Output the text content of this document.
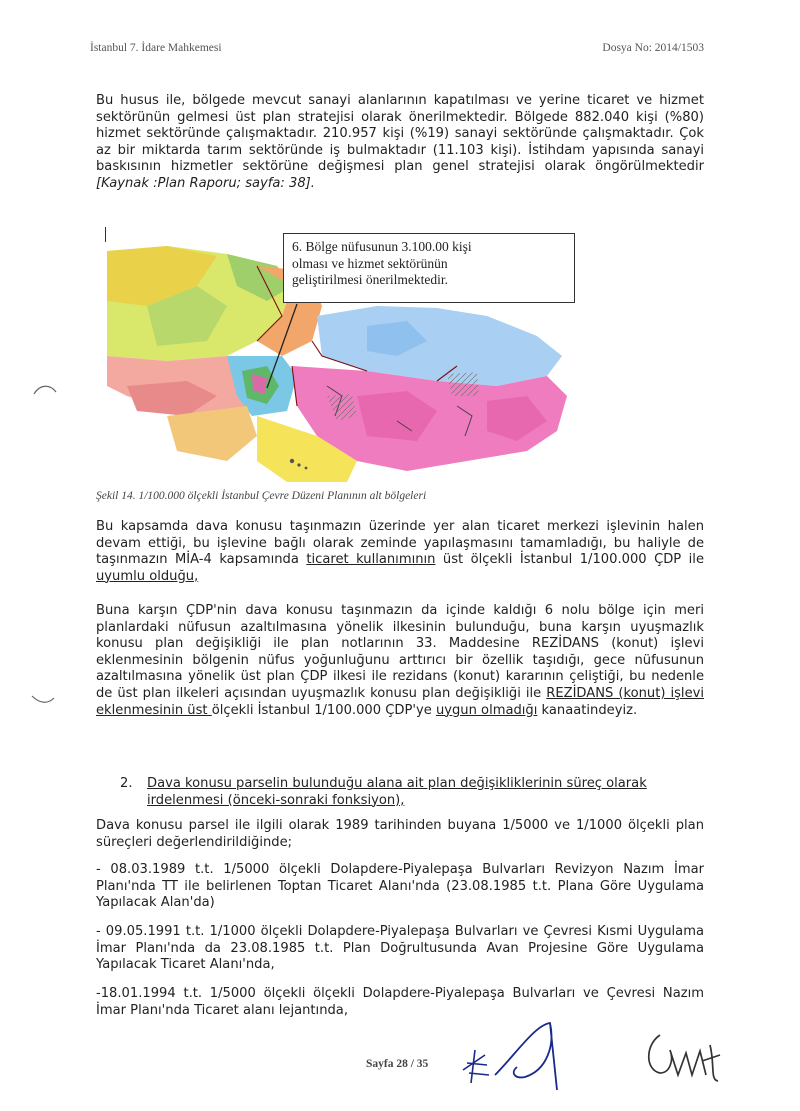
İstanbul 7. İdare Mahkemesi	Dosya No: 2014/1503

Bu husus ile, bölgede mevcut sanayi alanlarının kapatılması ve yerine ticaret ve hizmet sektörünün gelmesi üst plan stratejisi olarak önerilmektedir. Bölgede 882.040 kişi (%80) hizmet sektöründe çalışmaktadır. 210.957 kişi (%19) sanayi sektöründe çalışmaktadır. Çok az bir miktarda tarım sektöründe iş bulmaktadır (11.103 kişi). İstihdam yapısında sanayi baskısının hizmetler sektörüne değişmesi plan genel stratejisi olarak öngörülmektedir [Kaynak :Plan Raporu; sayfa: 38].

6. Bölge nüfusunun 3.100.00 kişi
olması ve hizmet sektörünün
geliştirilmesi önerilmektedir.
Şekil 14. 1/100.000 ölçekli İstanbul Çevre Düzeni Planının alt bölgeleri

Bu kapsamda dava konusu taşınmazın üzerinde yer alan ticaret merkezi işlevinin halen devam ettiği, bu işlevine bağlı olarak zeminde yapılaşmasını tamamladığı, bu haliyle de taşınmazın MİA-4 kapsamında ticaret kullanımının üst ölçekli İstanbul 1/100.000 ÇDP ile uyumlu olduğu,

Buna karşın ÇDP'nin dava konusu taşınmazın da içinde kaldığı 6 nolu bölge için meri planlardaki nüfusun azaltılmasına yönelik ilkesinin bulunduğu, buna karşın uyuşmazlık konusu plan değişikliği ile plan notlarının 33. Maddesine REZİDANS (konut) işlevi eklenmesinin bölgenin nüfus yoğunluğunu arttırıcı bir özellik taşıdığı, gece nüfusunun azaltılmasına yönelik üst plan ÇDP ilkesi ile rezidans (konut) kararının çeliştiği, bu nedenle de üst plan ilkeleri açısından uyuşmazlık konusu plan değişikliği ile REZİDANS (konut) işlevi eklenmesinin üst ölçekli İstanbul 1/100.000 ÇDP'ye uygun olmadığı kanaatindeyiz.

2. Dava konusu parselin bulunduğu alana ait plan değişikliklerinin süreç olarak irdelenmesi (önceki-sonraki fonksiyon),

Dava konusu parsel ile ilgili olarak 1989 tarihinden buyana 1/5000 ve 1/1000 ölçekli plan süreçleri değerlendirildiğinde;

- 08.03.1989 t.t. 1/5000 ölçekli Dolapdere-Piyalepaşa Bulvarları Revizyon Nazım İmar Planı'nda TT ile belirlenen Toptan Ticaret Alanı'nda (23.08.1985 t.t. Plana Göre Uygulama Yapılacak Alan'da)

- 09.05.1991 t.t. 1/1000 ölçekli Dolapdere-Piyalepaşa Bulvarları ve Çevresi Kısmi Uygulama İmar Planı'nda da 23.08.1985 t.t. Plan Doğrultusunda Avan Projesine Göre Uygulama Yapılacak Ticaret Alanı'nda,

-18.01.1994 t.t. 1/5000 ölçekli ölçekli Dolapdere-Piyalepaşa Bulvarları ve Çevresi Nazım İmar Planı'nda Ticaret alanı lejantında,

Sayfa 28 / 35
